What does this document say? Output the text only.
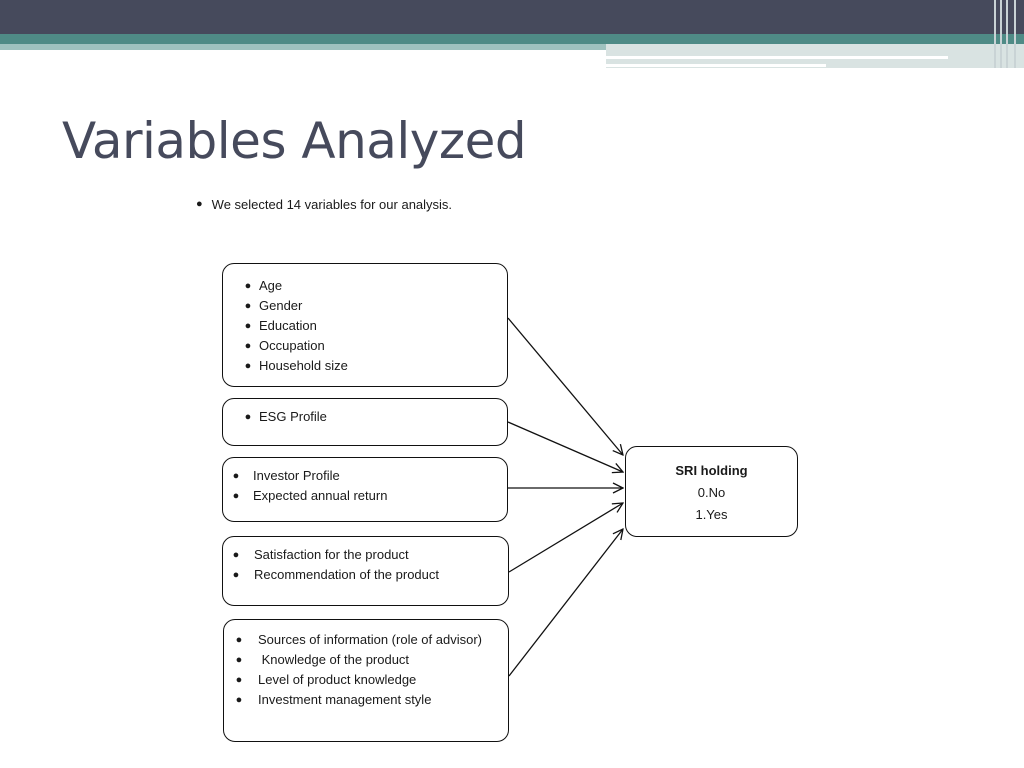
Variables Analyzed
● We selected 14 variables for our analysis.
● Age
● Gender
● Education
● Occupation
● Household size
● ESG Profile
●	Investor Profile
●	Expected annual return
●	Satisfaction for the product
●	Recommendation of the product
●	Sources of information (role of advisor)
●	Knowledge of the product
●	Level of product knowledge
●	Investment management style
SRI holding
0.No
1.Yes
